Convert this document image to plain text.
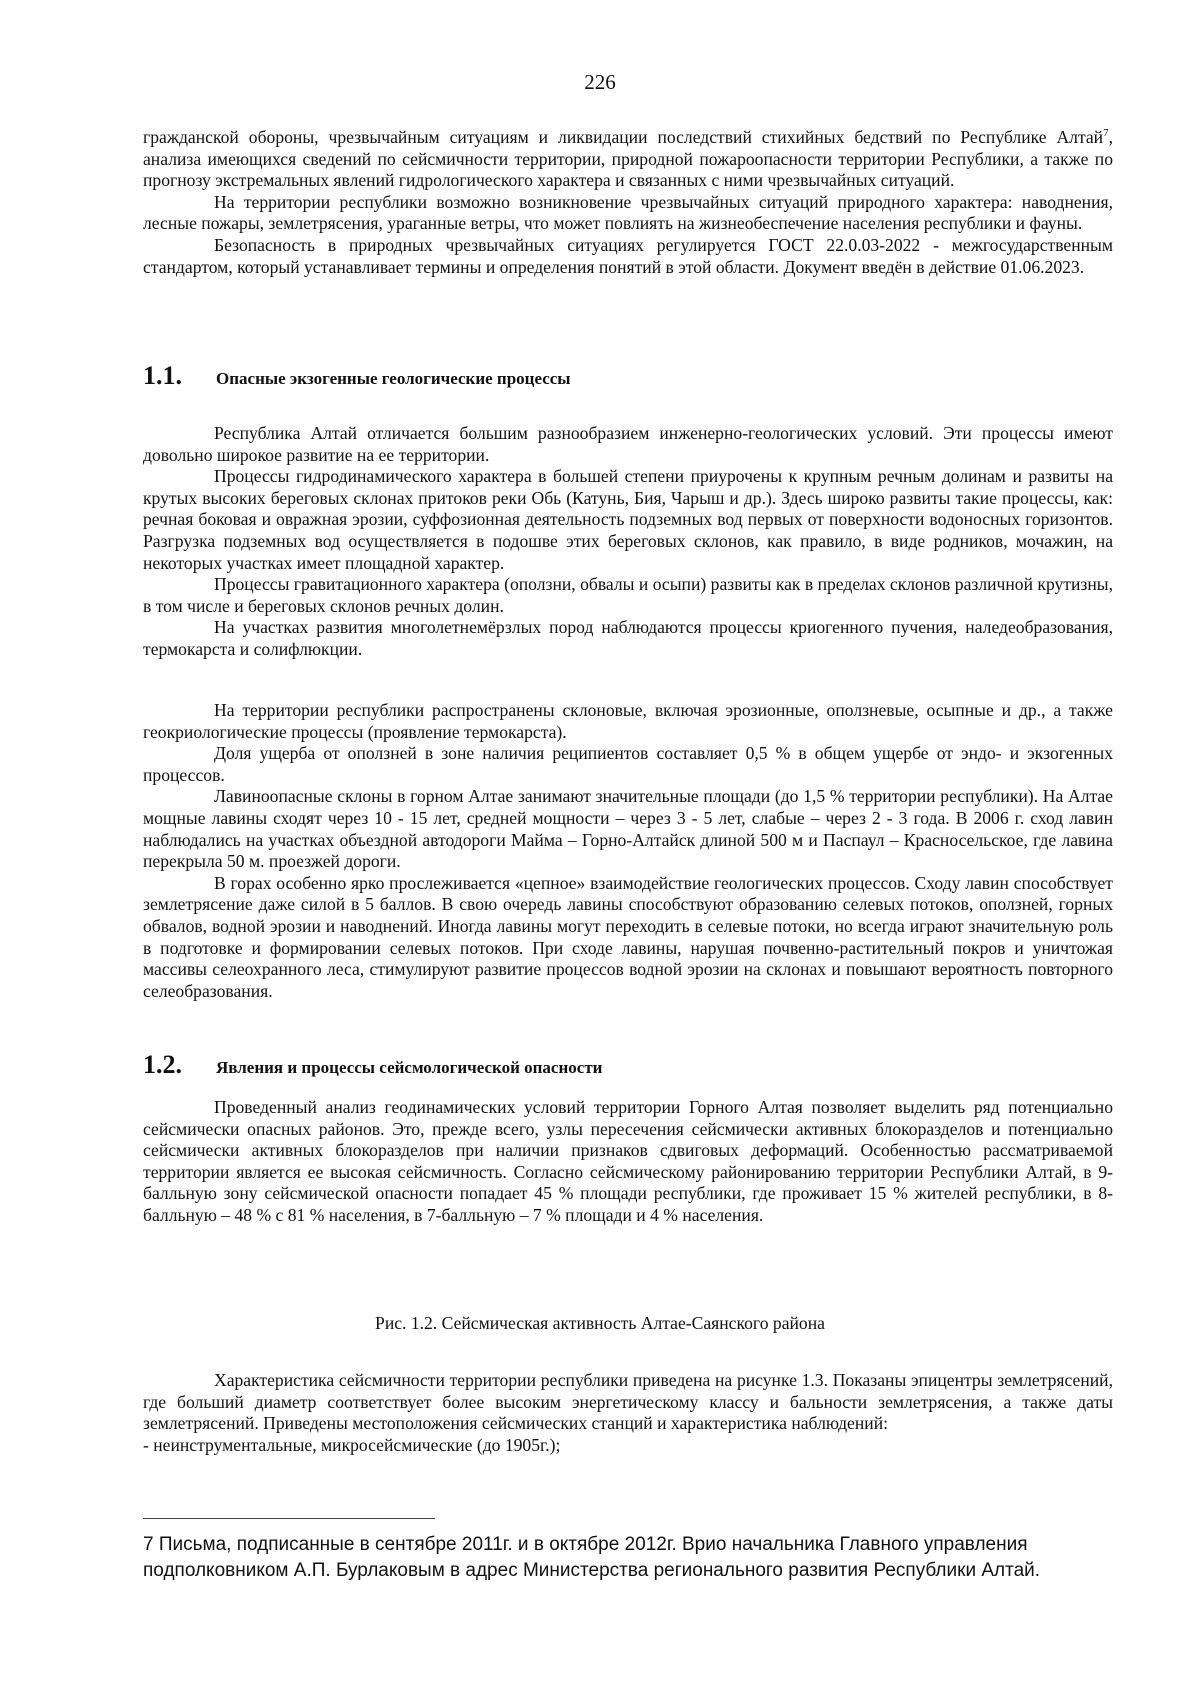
226

гражданской обороны, чрезвычайным ситуациям и ликвидации последствий стихийных бедствий по Республике Алтай$^7$, анализа имеющихся сведений по сейсмичности территории, природной пожароопасности территории Республики, а также по прогнозу экстремальных явлений гидрологического характера и связанных с ними чрезвычайных ситуаций.

На территории республики возможно возникновение чрезвычайных ситуаций природного характера: наводнения, лесные пожары, землетрясения, ураганные ветры, что может повлиять на жизнеобеспечение населения республики и фауны.

Безопасность в природных чрезвычайных ситуациях регулируется ГОСТ 22.0.03-2022 - межгосударственным стандартом, который устанавливает термины и определения понятий в этой области. Документ введён в действие 01.06.2023.

1.1.	Опасные экзогенные геологические процессы

Республика Алтай отличается большим разнообразием инженерно-геологических условий. Эти процессы имеют довольно широкое развитие на ее территории.

Процессы гидродинамического характера в большей степени приурочены к крупным речным долинам и развиты на крутых высоких береговых склонах притоков реки Обь (Катунь, Бия, Чарыш и др.). Здесь широко развиты такие процессы, как: речная боковая и овражная эрозии, суффозионная деятельность подземных вод первых от поверхности водоносных горизонтов. Разгрузка подземных вод осуществляется в подошве этих береговых склонов, как правило, в виде родников, мочажин, на некоторых участках имеет площадной характер.

Процессы гравитационного характера (оползни, обвалы и осыпи) развиты как в пределах склонов различной крутизны, в том числе и береговых склонов речных долин.

На участках развития многолетнемёрзлых пород наблюдаются процессы криогенного пучения, наледеобразования, термокарста и солифлюкции.

На территории республики распространены склоновые, включая эрозионные, оползневые, осыпные и др., а также геокриологические процессы (проявление термокарста).

Доля ущерба от оползней в зоне наличия реципиентов составляет 0,5 % в общем ущербе от эндо- и экзогенных процессов.

Лавиноопасные склоны в горном Алтае занимают значительные площади (до 1,5 % территории республики). На Алтае мощные лавины сходят через 10 - 15 лет, средней мощности – через 3 - 5 лет, слабые – через 2 - 3 года. В 2006 г. сход лавин наблюдались на участках объездной автодороги Майма – Горно-Алтайск длиной 500 м и Паспаул – Красносельское, где лавина перекрыла 50 м. проезжей дороги.

В горах особенно ярко прослеживается «цепное» взаимодействие геологических процессов. Сходу лавин способствует землетрясение даже силой в 5 баллов. В свою очередь лавины способствуют образованию селевых потоков, оползней, горных обвалов, водной эрозии и наводнений. Иногда лавины могут переходить в селевые потоки, но всегда играют значительную роль в подготовке и формировании селевых потоков. При сходе лавины, нарушая почвенно-растительный покров и уничтожая массивы селеохранного леса, стимулируют развитие процессов водной эрозии на склонах и повышают вероятность повторного селеобразования.

1.2.	Явления и процессы сейсмологической опасности

Проведенный анализ геодинамических условий территории Горного Алтая позволяет выделить ряд потенциально сейсмически опасных районов. Это, прежде всего, узлы пересечения сейсмически активных блокоразделов и потенциально сейсмически активных блокоразделов при наличии признаков сдвиговых деформаций. Особенностью рассматриваемой территории является ее высокая сейсмичность. Согласно сейсмическому районированию территории Республики Алтай, в 9-балльную зону сейсмической опасности попадает 45 % площади республики, где проживает 15 % жителей республики, в 8-балльную – 48 % с 81 % населения, в 7-балльную – 7 % площади и 4 % населения.

Рис. 1.2. Сейсмическая активность Алтае-Саянского района

Характеристика сейсмичности территории республики приведена на рисунке 1.3. Показаны эпицентры землетрясений, где больший диаметр соответствует более высоким энергетическому классу и бальности землетрясения, а также даты землетрясений. Приведены местоположения сейсмических станций и характеристика наблюдений:

- неинструментальные, микросейсмические (до 1905г.);

7 Письма, подписанные в сентябре 2011г. и в октябре 2012г. Врио начальника Главного управления подполковником А.П. Бурлаковым в адрес Министерства регионального развития Республики Алтай.
